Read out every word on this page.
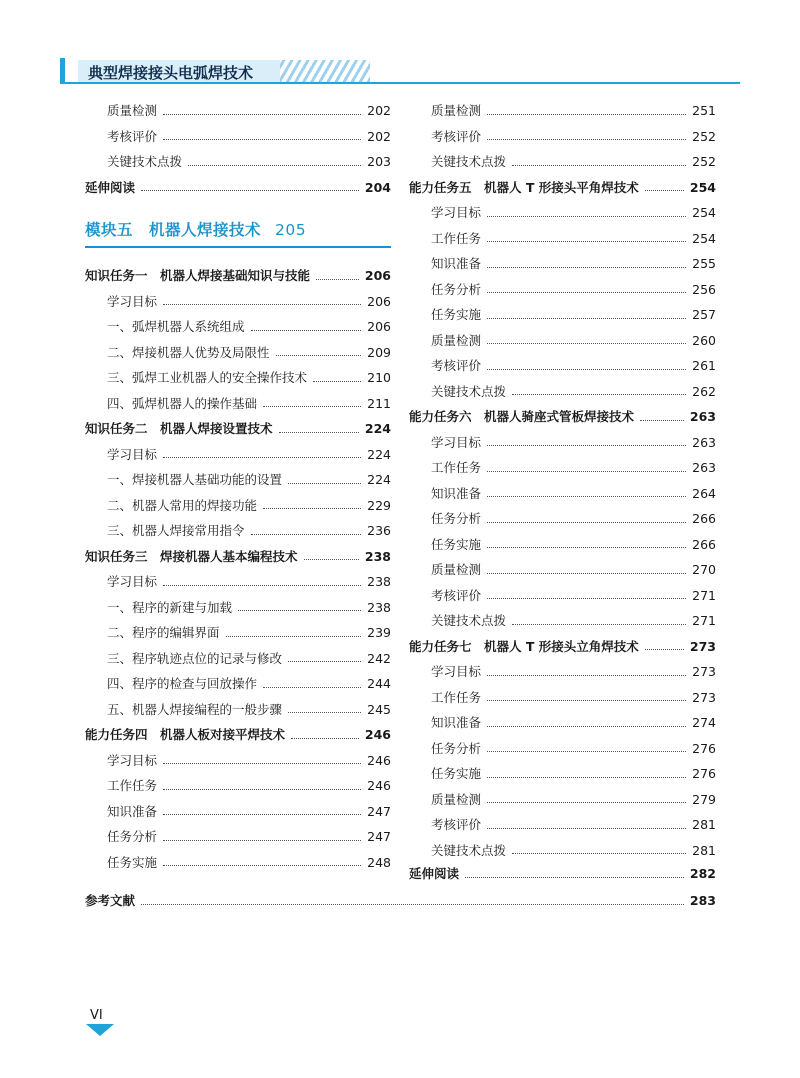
典型焊接接头电弧焊技术
质量检测	202
考核评价	202
关键技术点拨	203
延伸阅读	204
模块五　机器人焊接技术 205
知识任务一　机器人焊接基础知识与技能	206
学习目标	206
一、弧焊机器人系统组成	206
二、焊接机器人优势及局限性	209
三、弧焊工业机器人的安全操作技术	210
四、弧焊机器人的操作基础	211
知识任务二　机器人焊接设置技术	224
学习目标	224
一、焊接机器人基础功能的设置	224
二、机器人常用的焊接功能	229
三、机器人焊接常用指令	236
知识任务三　焊接机器人基本编程技术	238
学习目标	238
一、程序的新建与加载	238
二、程序的编辑界面	239
三、程序轨迹点位的记录与修改	242
四、程序的检查与回放操作	244
五、机器人焊接编程的一般步骤	245
能力任务四　机器人板对接平焊技术	246
学习目标	246
工作任务	246
知识准备	247
任务分析	247
任务实施	248
质量检测	251
考核评价	252
关键技术点拨	252
能力任务五　机器人 T 形接头平角焊技术	254
学习目标	254
工作任务	254
知识准备	255
任务分析	256
任务实施	257
质量检测	260
考核评价	261
关键技术点拨	262
能力任务六　机器人骑座式管板焊接技术	263
学习目标	263
工作任务	263
知识准备	264
任务分析	266
任务实施	266
质量检测	270
考核评价	271
关键技术点拨	271
能力任务七　机器人 T 形接头立角焊技术	273
学习目标	273
工作任务	273
知识准备	274
任务分析	276
任务实施	276
质量检测	279
考核评价	281
关键技术点拨	281
延伸阅读	282
参考文献	283
VI
